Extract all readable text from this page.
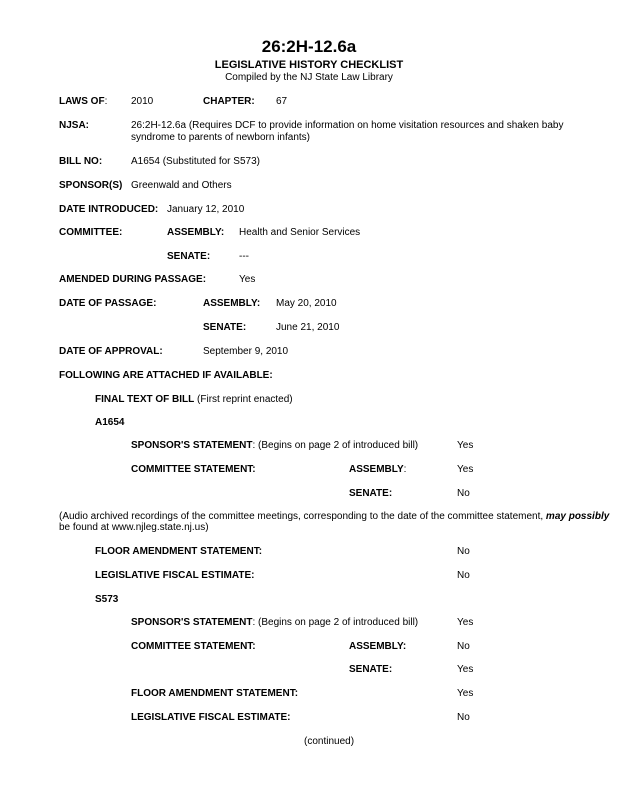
26:2H-12.6a
LEGISLATIVE HISTORY CHECKLIST
Compiled by the NJ State Law Library
LAWS OF: 2010	CHAPTER: 67
NJSA:	26:2H-12.6a (Requires DCF to provide information on home visitation resources and shaken baby
syndrome to parents of newborn infants)
BILL NO:	A1654 (Substituted for S573)
SPONSOR(S) Greenwald and Others
DATE INTRODUCED: January 12, 2010
COMMITTEE:	ASSEMBLY: Health and Senior Services
SENATE:	---
AMENDED DURING PASSAGE:	Yes
DATE OF PASSAGE:	ASSEMBLY: May 20, 2010
SENATE:	June 21, 2010
DATE OF APPROVAL:	September 9, 2010
FOLLOWING ARE ATTACHED IF AVAILABLE:
FINAL TEXT OF BILL (First reprint enacted)
A1654
SPONSOR'S STATEMENT: (Begins on page 2 of introduced bill)	Yes
COMMITTEE STATEMENT:	ASSEMBLY:	Yes
SENATE:	No
(Audio archived recordings of the committee meetings, corresponding to the date of the committee statement, may possibly
be found at www.njleg.state.nj.us)
FLOOR AMENDMENT STATEMENT:	No
LEGISLATIVE FISCAL ESTIMATE:	No
S573
SPONSOR'S STATEMENT: (Begins on page 2 of introduced bill)	Yes
COMMITTEE STATEMENT:	ASSEMBLY:	No
SENATE:	Yes
FLOOR AMENDMENT STATEMENT:	Yes
LEGISLATIVE FISCAL ESTIMATE:	No
(continued)
